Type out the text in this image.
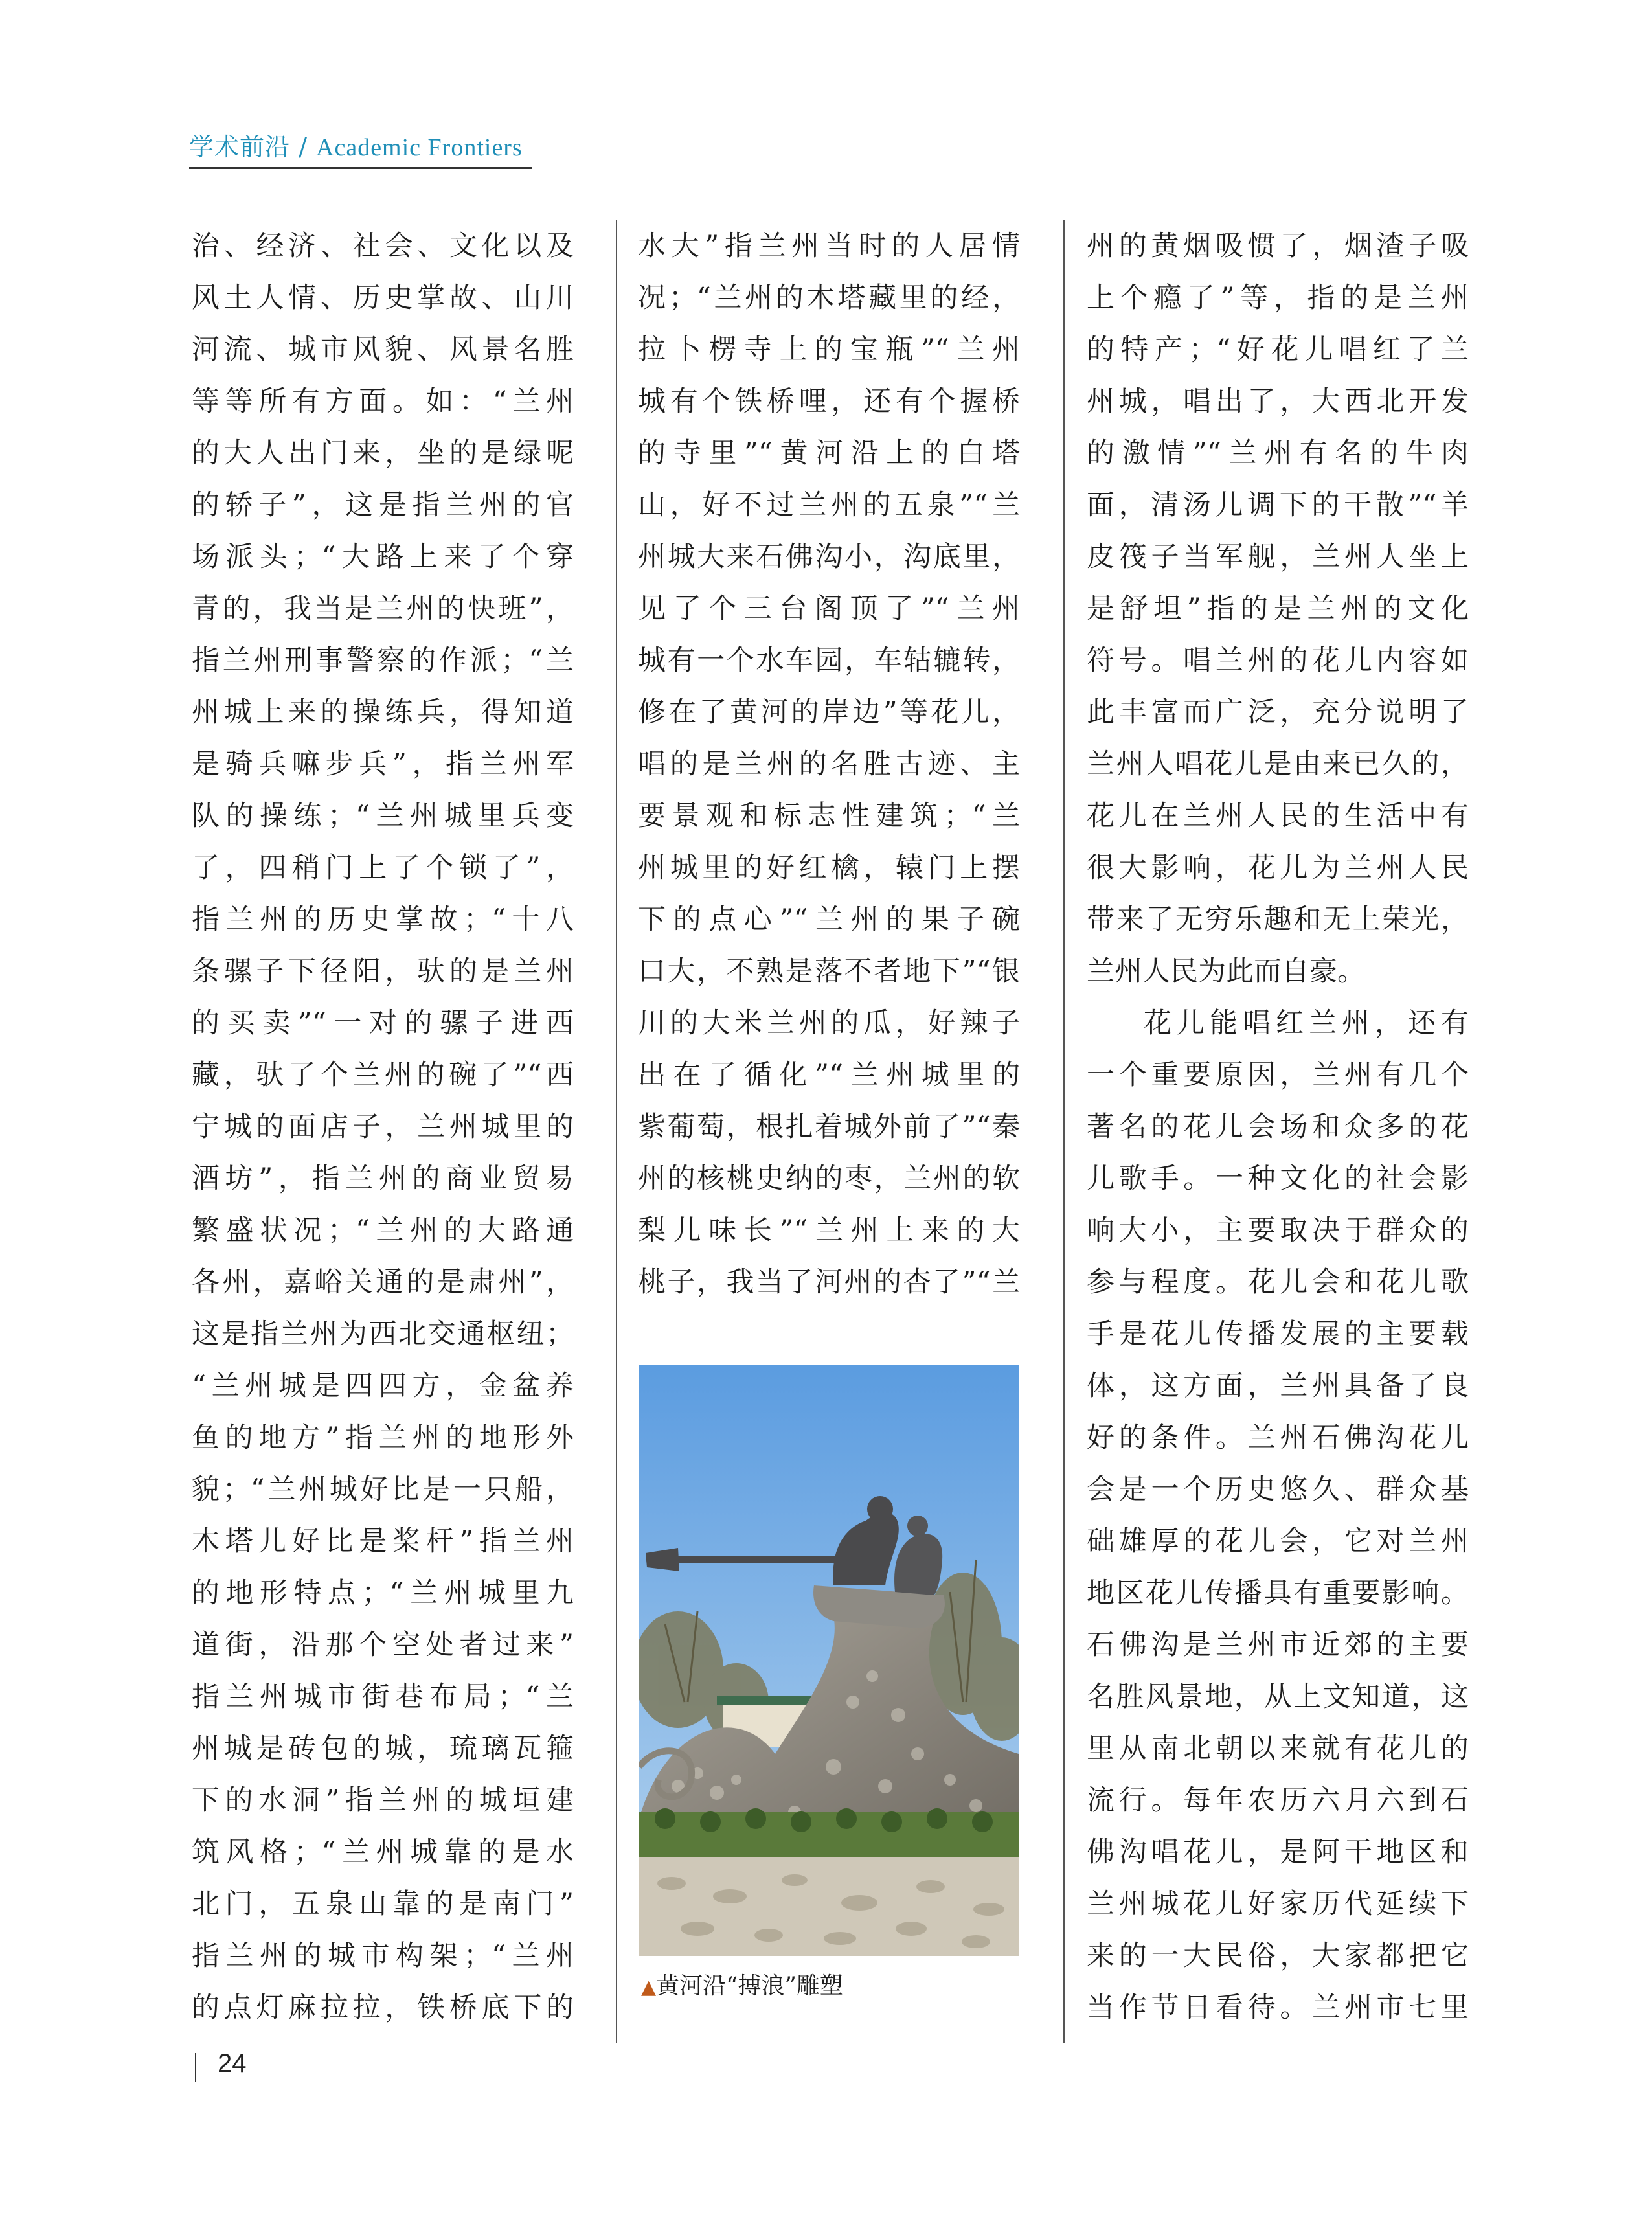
学术前沿 / Academic Frontiers
治、经济、社会、文化以及
风土人情、历史掌故、山川
河流、城市风貌、风景名胜
等等所有方面。如：“兰州
的大人出门来，坐的是绿呢
的轿子”，这是指兰州的官
场派头；“大路上来了个穿
青的，我当是兰州的快班”，
指兰州刑事警察的作派；“兰
州城上来的操练兵，得知道
是骑兵嘛步兵”，指兰州军
队的操练；“兰州城里兵变
了，四稍门上了个锁了”，
指兰州的历史掌故；“十八
条骡子下径阳，驮的是兰州
的买卖”“一对的骡子进西
藏，驮了个兰州的碗了”“西
宁城的面店子，兰州城里的
酒坊”，指兰州的商业贸易
繁盛状况；“兰州的大路通
各州，嘉峪关通的是肃州”，
这是指兰州为西北交通枢纽；
“兰州城是四四方，金盆养
鱼的地方”指兰州的地形外
貌；“兰州城好比是一只船，
木塔儿好比是桨杆”指兰州
的地形特点；“兰州城里九
道街，沿那个空处者过来”
指兰州城市街巷布局；“兰
州城是砖包的城，琉璃瓦箍
下的水洞”指兰州的城垣建
筑风格；“兰州城靠的是水
北门，五泉山靠的是南门”
指兰州的城市构架；“兰州
的点灯麻拉拉，铁桥底下的
水大”指兰州当时的人居情
况；“兰州的木塔藏里的经，
拉卜楞寺上的宝瓶”“兰州
城有个铁桥哩，还有个握桥
的寺里”“黄河沿上的白塔
山，好不过兰州的五泉”“兰
州城大来石佛沟小，沟底里，
见了个三台阁顶了”“兰州
城有一个水车园，车轱辘转，
修在了黄河的岸边”等花儿，
唱的是兰州的名胜古迹、主
要景观和标志性建筑；“兰
州城里的好红檎，辕门上摆
下的点心”“兰州的果子碗
口大，不熟是落不者地下”“银
川的大米兰州的瓜，好辣子
出在了循化”“兰州城里的
紫葡萄，根扎着城外前了”“秦
州的核桃史纳的枣，兰州的软
梨儿味长”“兰州上来的大
桃子，我当了河州的杏了”“兰
州的黄烟吸惯了，烟渣子吸
上个瘾了”等，指的是兰州
的特产；“好花儿唱红了兰
州城，唱出了，大西北开发
的激情”“兰州有名的牛肉
面，清汤儿调下的干散”“羊
皮筏子当军舰，兰州人坐上
是舒坦”指的是兰州的文化
符号。唱兰州的花儿内容如
此丰富而广泛，充分说明了
兰州人唱花儿是由来已久的，
花儿在兰州人民的生活中有
很大影响，花儿为兰州人民
带来了无穷乐趣和无上荣光，
兰州人民为此而自豪。
花儿能唱红兰州，还有
一个重要原因，兰州有几个
著名的花儿会场和众多的花
儿歌手。一种文化的社会影
响大小，主要取决于群众的
参与程度。花儿会和花儿歌
手是花儿传播发展的主要载
体，这方面，兰州具备了良
好的条件。兰州石佛沟花儿
会是一个历史悠久、群众基
础雄厚的花儿会，它对兰州
地区花儿传播具有重要影响。
石佛沟是兰州市近郊的主要
名胜风景地，从上文知道，这
里从南北朝以来就有花儿的
流行。每年农历六月六到石
佛沟唱花儿，是阿干地区和
兰州城花儿好家历代延续下
来的一大民俗，大家都把它
当作节日看待。兰州市七里
▲黄河沿“搏浪”雕塑
24
